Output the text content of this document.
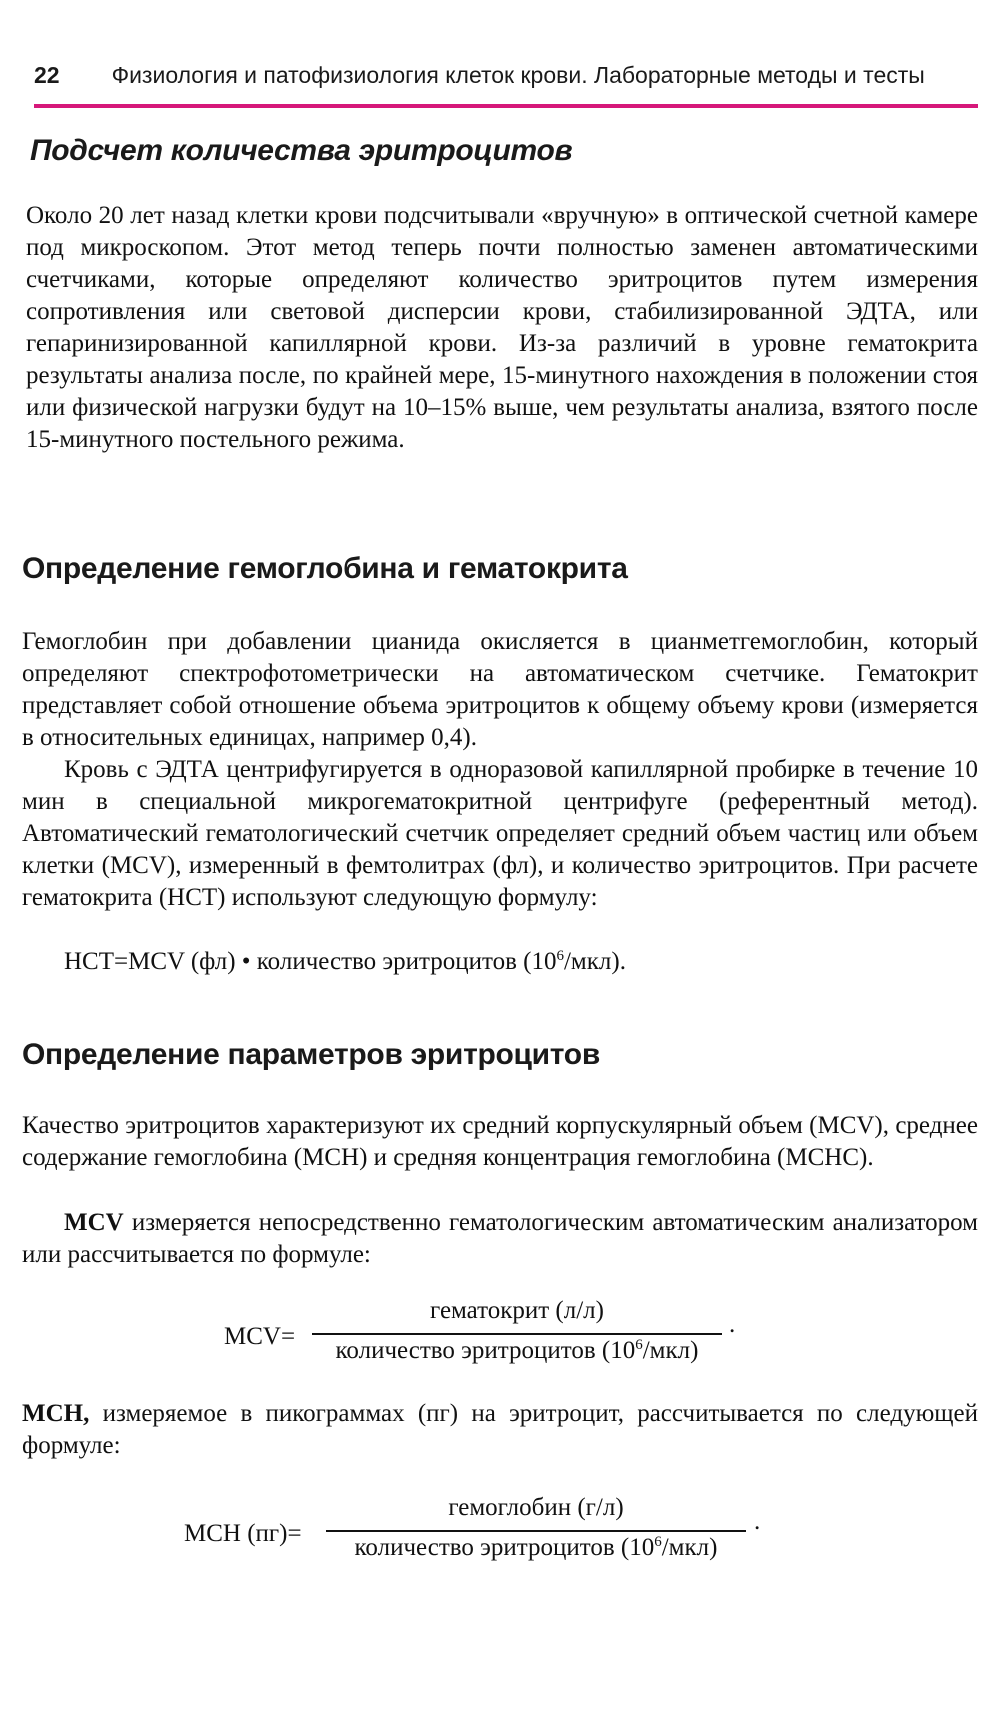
22 Физиология и патофизиология клеток крови. Лабораторные методы и тесты
Подсчет количества эритроцитов

Около 20 лет назад клетки крови подсчитывали «вручную» в оптической счетной камере под микроскопом. Этот метод теперь почти полностью заменен автоматическими счетчиками, которые определяют количество эритроцитов путем измерения сопротивления или световой дисперсии крови, стабилизированной ЭДТА, или гепаринизированной капиллярной крови. Из-за различий в уровне гематокрита результаты анализа после, по крайней мере, 15-минутного нахождения в положении стоя или физической нагрузки будут на 10–15% выше, чем результаты анализа, взятого после 15-минутного постельного режима.

Определение гемоглобина и гематокрита

Гемоглобин при добавлении цианида окисляется в цианметгемоглобин, который определяют спектрофотометрически на автоматическом счетчике. Гематокрит представляет собой отношение объема эритроцитов к общему объему крови (измеряется в относительных единицах, например 0,4).

Кровь с ЭДТА центрифугируется в одноразовой капиллярной пробирке в течение 10 мин в специальной микрогематокритной центрифуге (референтный метод). Автоматический гематологический счетчик определяет средний объем частиц или объем клетки (MCV), измеренный в фемтолитрах (фл), и количество эритроцитов. При расчете гематокрита (НСТ) используют следующую формулу:

НСТ=MCV (фл) • количество эритроцитов $(10^6/мкл)$.

Определение параметров эритроцитов

Качество эритроцитов характеризуют их средний корпускулярный объем (MCV), среднее содержание гемоглобина (МСН) и средняя концентрация гемоглобина (МСНС).

MCV измеряется непосредственно гематологическим автоматическим анализатором или рассчитывается по формуле:

MCV=
гематокрит (л/л)
количество эритроцитов $(10^6/мкл)$
.

МСН, измеряемое в пикограммах (пг) на эритроцит, рассчитывается по следующей формуле:

МСН (пг)=
гемоглобин (г/л)
количество эритроцитов $(10^6/мкл)$
.
